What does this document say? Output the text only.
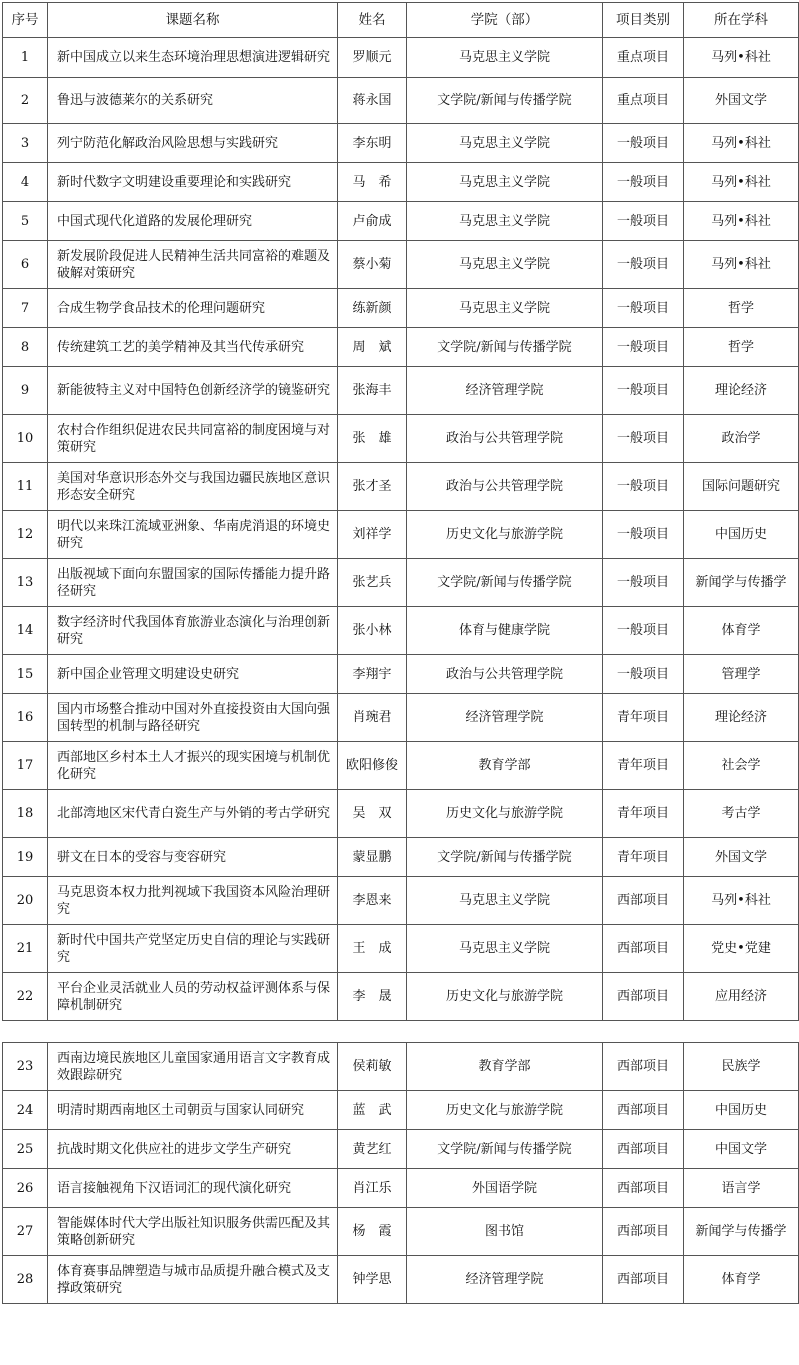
序号	课题名称	姓名	学院（部）	项目类别	所在学科
1	新中国成立以来生态环境治理思想演进逻辑研究	罗顺元	马克思主义学院	重点项目	马列•科社
2	鲁迅与波德莱尔的关系研究	蒋永国	文学院/新闻与传播学院	重点项目	外国文学
3	列宁防范化解政治风险思想与实践研究	李东明	马克思主义学院	一般项目	马列•科社
4	新时代数字文明建设重要理论和实践研究	马　希	马克思主义学院	一般项目	马列•科社
5	中国式现代化道路的发展伦理研究	卢俞成	马克思主义学院	一般项目	马列•科社
6	新发展阶段促进人民精神生活共同富裕的难题及破解对策研究	蔡小菊	马克思主义学院	一般项目	马列•科社
7	合成生物学食品技术的伦理问题研究	练新颜	马克思主义学院	一般项目	哲学
8	传统建筑工艺的美学精神及其当代传承研究	周　斌	文学院/新闻与传播学院	一般项目	哲学
9	新能彼特主义对中国特色创新经济学的镜鉴研究	张海丰	经济管理学院	一般项目	理论经济
10	农村合作组织促进农民共同富裕的制度困境与对策研究	张　雄	政治与公共管理学院	一般项目	政治学
11	美国对华意识形态外交与我国边疆民族地区意识形态安全研究	张才圣	政治与公共管理学院	一般项目	国际问题研究
12	明代以来珠江流域亚洲象、华南虎消退的环境史研究	刘祥学	历史文化与旅游学院	一般项目	中国历史
13	出版视域下面向东盟国家的国际传播能力提升路径研究	张艺兵	文学院/新闻与传播学院	一般项目	新闻学与传播学
14	数字经济时代我国体育旅游业态演化与治理创新研究	张小林	体育与健康学院	一般项目	体育学
15	新中国企业管理文明建设史研究	李翔宇	政治与公共管理学院	一般项目	管理学
16	国内市场整合推动中国对外直接投资由大国向强国转型的机制与路径研究	肖琬君	经济管理学院	青年项目	理论经济
17	西部地区乡村本土人才振兴的现实困境与机制优化研究	欧阳修俊	教育学部	青年项目	社会学
18	北部湾地区宋代青白瓷生产与外销的考古学研究	吴　双	历史文化与旅游学院	青年项目	考古学
19	骈文在日本的受容与变容研究	蒙显鹏	文学院/新闻与传播学院	青年项目	外国文学
20	马克思资本权力批判视域下我国资本风险治理研究	李恩来	马克思主义学院	西部项目	马列•科社
21	新时代中国共产党坚定历史自信的理论与实践研究	王　成	马克思主义学院	西部项目	党史•党建
22	平台企业灵活就业人员的劳动权益评测体系与保障机制研究	李　晟	历史文化与旅游学院	西部项目	应用经济
23	西南边境民族地区儿童国家通用语言文字教育成效跟踪研究	侯莉敏	教育学部	西部项目	民族学
24	明清时期西南地区土司朝贡与国家认同研究	蓝　武	历史文化与旅游学院	西部项目	中国历史
25	抗战时期文化供应社的进步文学生产研究	黄艺红	文学院/新闻与传播学院	西部项目	中国文学
26	语言接触视角下汉语词汇的现代演化研究	肖江乐	外国语学院	西部项目	语言学
27	智能媒体时代大学出版社知识服务供需匹配及其策略创新研究	杨　霞	图书馆	西部项目	新闻学与传播学
28	体育赛事品牌塑造与城市品质提升融合模式及支撑政策研究	钟学思	经济管理学院	西部项目	体育学
